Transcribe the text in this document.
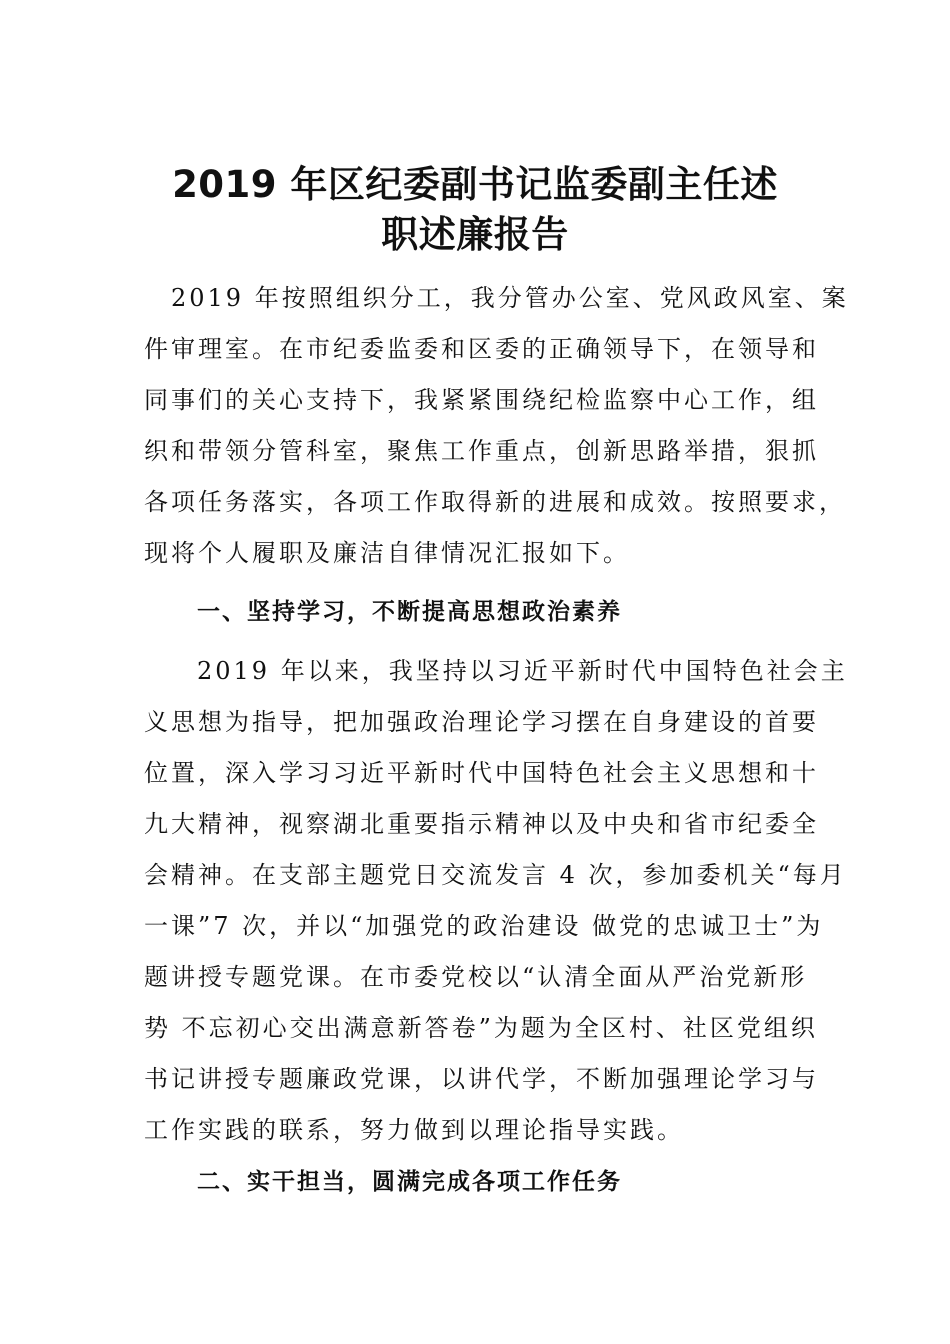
2019 年区纪委副书记监委副主任述
职述廉报告
2019 年按照组织分工，我分管办公室、党风政风室、案
件审理室。在市纪委监委和区委的正确领导下，在领导和
同事们的关心支持下，我紧紧围绕纪检监察中心工作，组
织和带领分管科室，聚焦工作重点，创新思路举措，狠抓
各项任务落实，各项工作取得新的进展和成效。按照要求，
现将个人履职及廉洁自律情况汇报如下。
一、坚持学习，不断提高思想政治素养
2019 年以来，我坚持以习近平新时代中国特色社会主
义思想为指导，把加强政治理论学习摆在自身建设的首要
位置，深入学习习近平新时代中国特色社会主义思想和十
九大精神，视察湖北重要指示精神以及中央和省市纪委全
会精神。在支部主题党日交流发言 4 次，参加委机关“每月
一课”7 次，并以“加强党的政治建设 做党的忠诚卫士”为
题讲授专题党课。在市委党校以“认清全面从严治党新形
势 不忘初心交出满意新答卷”为题为全区村、社区党组织
书记讲授专题廉政党课，以讲代学，不断加强理论学习与
工作实践的联系，努力做到以理论指导实践。
二、实干担当，圆满完成各项工作任务
